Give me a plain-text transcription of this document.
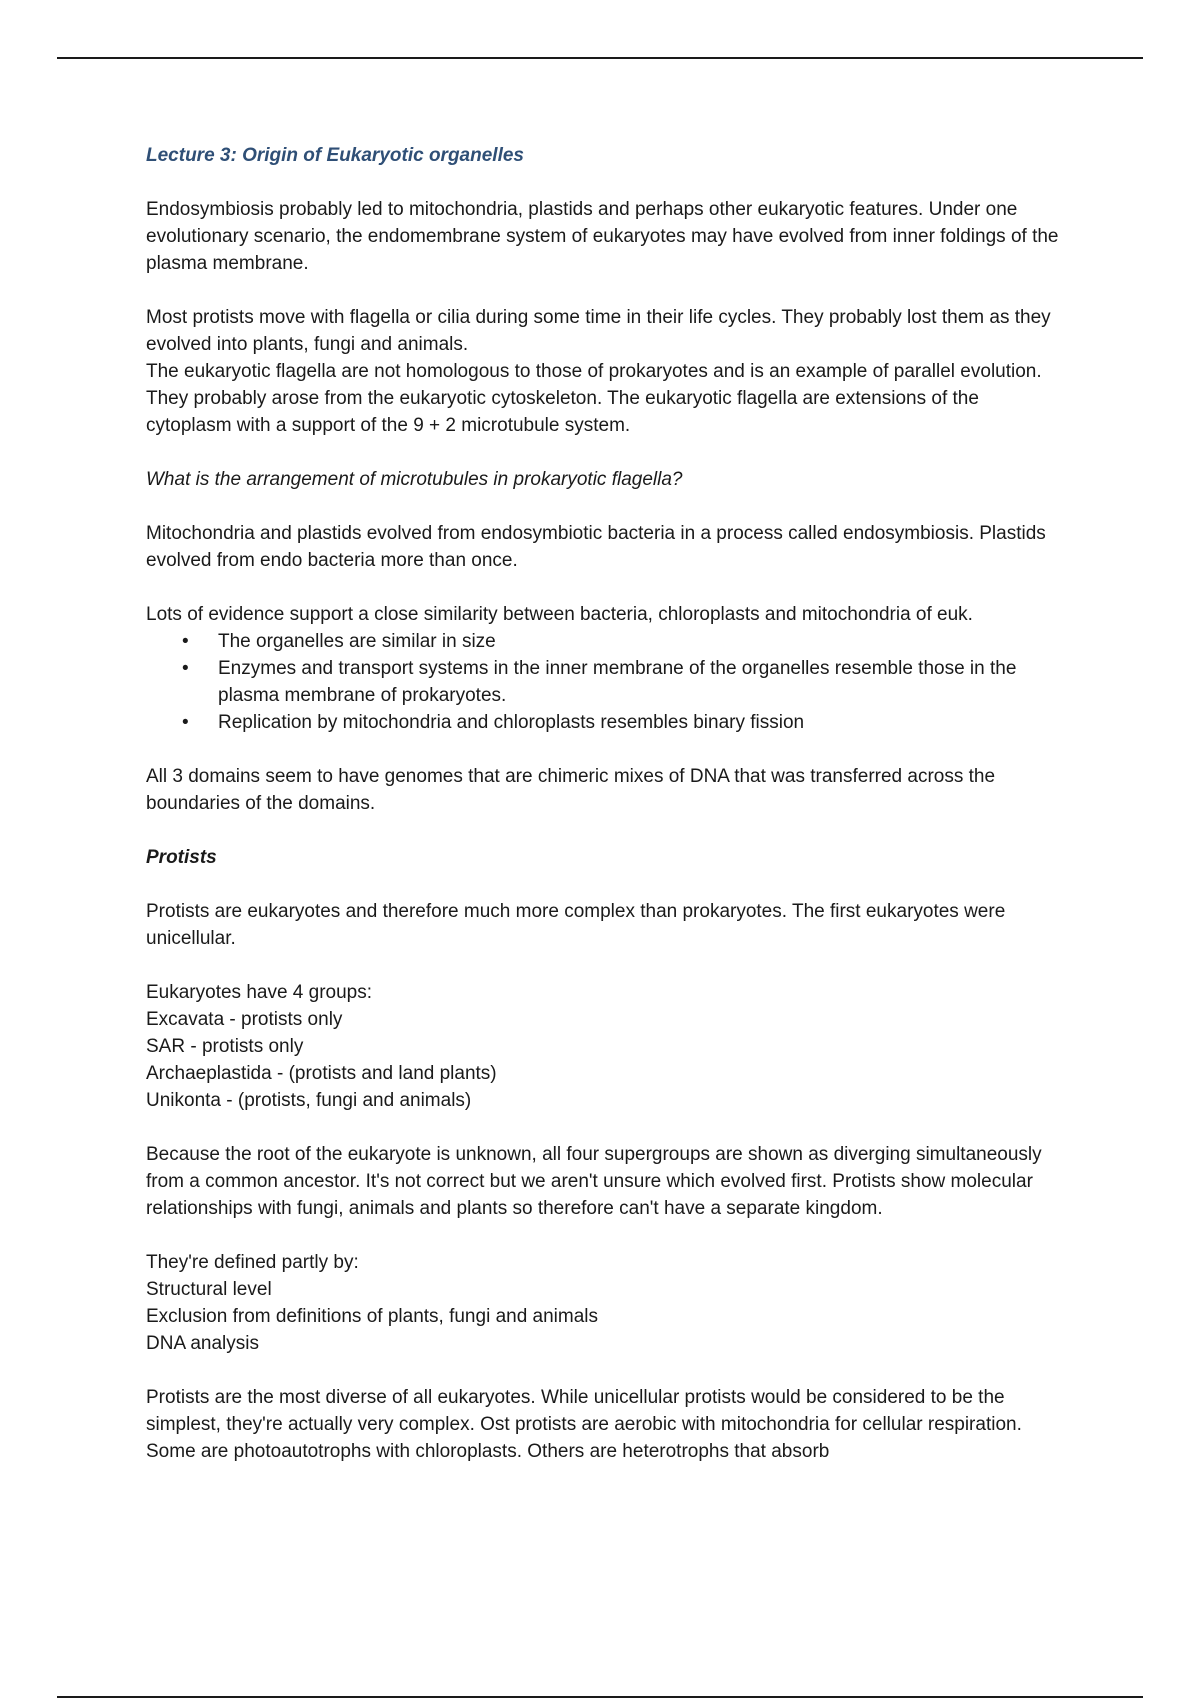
Lecture 3: Origin of Eukaryotic organelles

Endosymbiosis probably led to mitochondria, plastids and perhaps other eukaryotic features. Under one evolutionary scenario, the endomembrane system of eukaryotes may have evolved from inner foldings of the plasma membrane.

Most protists move with flagella or cilia during some time in their life cycles. They probably lost them as they evolved into plants, fungi and animals.

The eukaryotic flagella are not homologous to those of prokaryotes and is an example of parallel evolution. They probably arose from the eukaryotic cytoskeleton. The eukaryotic flagella are extensions of the cytoplasm with a support of the 9 + 2 microtubule system.

What is the arrangement of microtubules in prokaryotic flagella?

Mitochondria and plastids evolved from endosymbiotic bacteria in a process called endosymbiosis. Plastids evolved from endo bacteria more than once.

Lots of evidence support a close similarity between bacteria, chloroplasts and mitochondria of euk.

• The organelles are similar in size
• Enzymes and transport systems in the inner membrane of the organelles resemble those in the plasma membrane of prokaryotes.
• Replication by mitochondria and chloroplasts resembles binary fission

All 3 domains seem to have genomes that are chimeric mixes of DNA that was transferred across the boundaries of the domains.

Protists

Protists are eukaryotes and therefore much more complex than prokaryotes. The first eukaryotes were unicellular.

Eukaryotes have 4 groups:
Excavata - protists only
SAR - protists only
Archaeplastida - (protists and land plants)
Unikonta - (protists, fungi and animals)

Because the root of the eukaryote is unknown, all four supergroups are shown as diverging simultaneously from a common ancestor. It's not correct but we aren't unsure which evolved first. Protists show molecular relationships with fungi, animals and plants so therefore can't have a separate kingdom.

They're defined partly by:
Structural level
Exclusion from definitions of plants, fungi and animals
DNA analysis

Protists are the most diverse of all eukaryotes. While unicellular protists would be considered to be the simplest, they're actually very complex. Ost protists are aerobic with mitochondria for cellular respiration. Some are photoautotrophs with chloroplasts. Others are heterotrophs that absorb
